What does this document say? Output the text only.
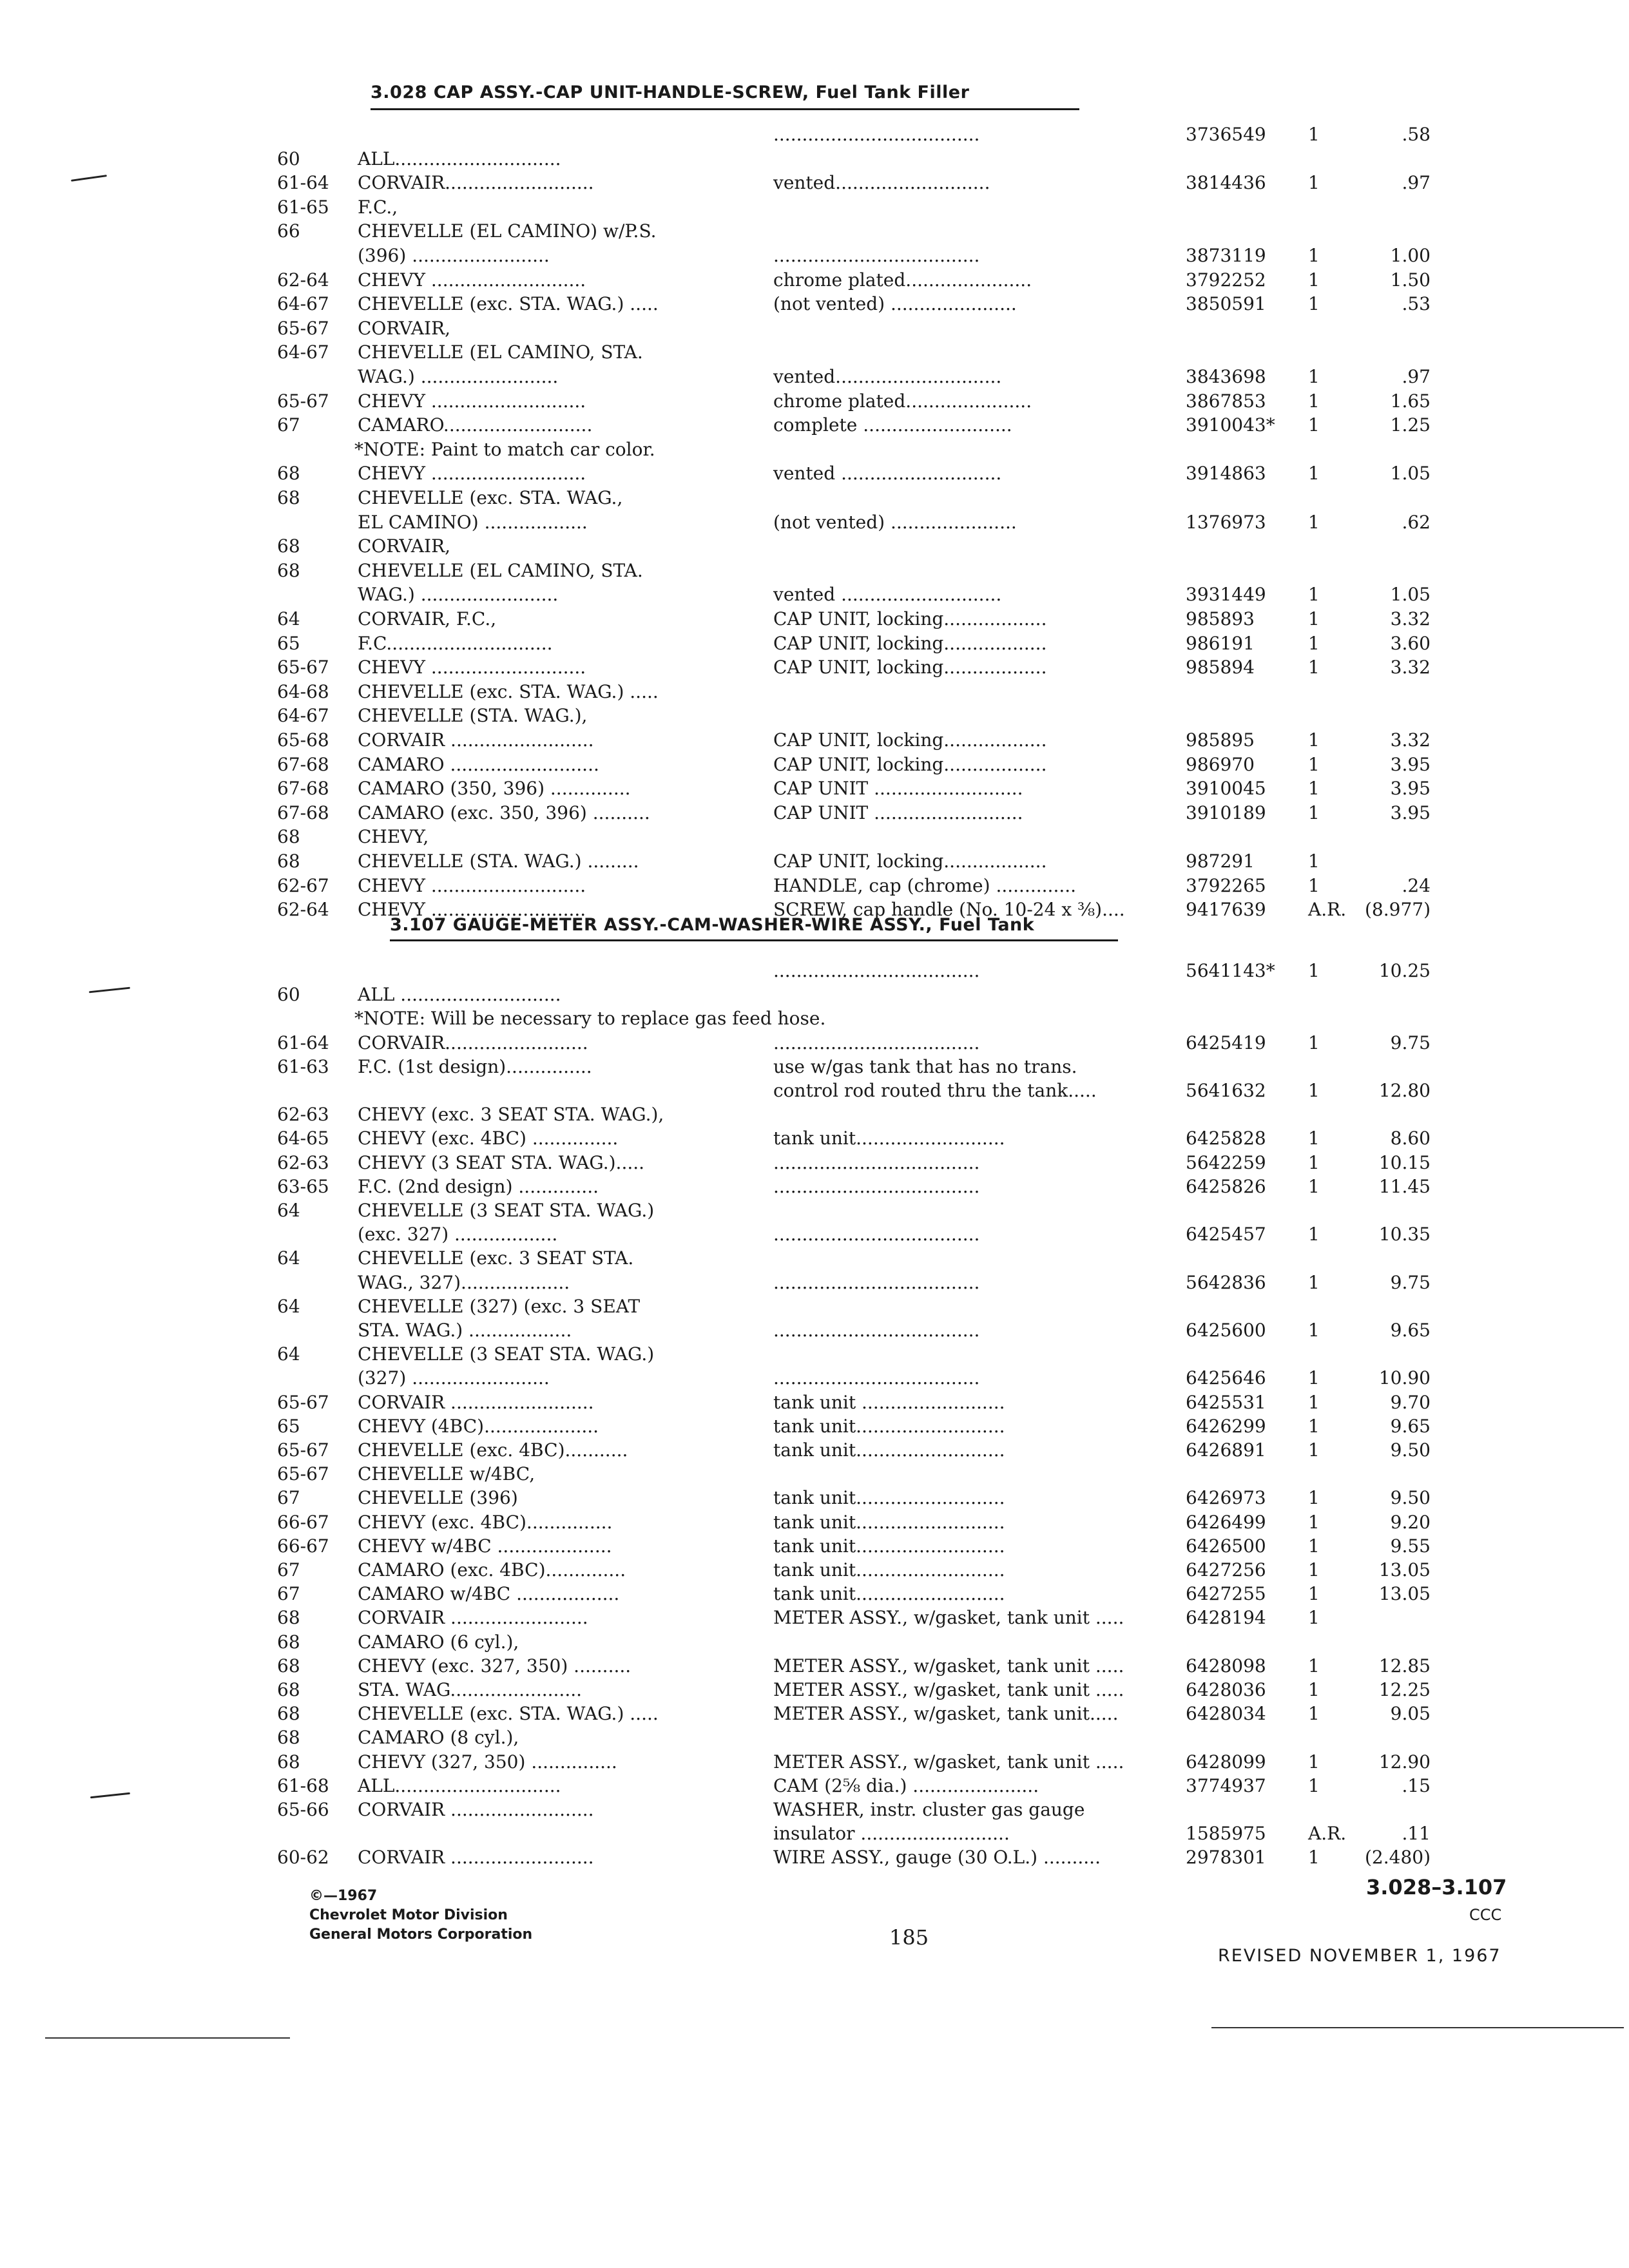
3.028 CAP ASSY.-CAP UNIT-HANDLE-SCREW, Fuel Tank Filler
....................................	3736549 1	.58
60	ALL.............................
61-64 CORVAIR..........................	vented...........................	3814436 1	.97
61-65 F.C.,
66	CHEVELLE (EL CAMINO) w/P.S.
(396) ........................	....................................	3873119 1	1.00
62-64 CHEVY ...........................	chrome plated......................	3792252 1	1.50
64-67 CHEVELLE (exc. STA. WAG.) .....	(not vented) ......................	3850591 1	.53
65-67 CORVAIR,
64-67 CHEVELLE (EL CAMINO, STA.
WAG.) ........................	vented.............................	3843698 1	.97
65-67 CHEVY ...........................	chrome plated......................	3867853 1	1.65
67	CAMARO..........................	complete ..........................	3910043* 1	1.25
*NOTE: Paint to match car color.
68	CHEVY ...........................	vented ............................	3914863 1	1.05
68	CHEVELLE (exc. STA. WAG.,
EL CAMINO) ..................	(not vented) ......................	1376973 1	.62
68	CORVAIR,
68	CHEVELLE (EL CAMINO, STA.
WAG.) ........................	vented ............................	3931449 1	1.05
64	CORVAIR, F.C.,	CAP UNIT, locking..................	985893	1	3.32
65	F.C.............................	CAP UNIT, locking..................	986191	1	3.60
65-67 CHEVY ...........................	CAP UNIT, locking..................	985894	1	3.32
64-68 CHEVELLE (exc. STA. WAG.) .....
64-67 CHEVELLE (STA. WAG.),
65-68 CORVAIR .........................	CAP UNIT, locking..................	985895	1	3.32
67-68 CAMARO ..........................	CAP UNIT, locking..................	986970	1	3.95
67-68 CAMARO (350, 396) ..............	CAP UNIT ..........................	3910045 1	3.95
67-68 CAMARO (exc. 350, 396) ..........	CAP UNIT ..........................	3910189 1	3.95
68	CHEVY,
68	CHEVELLE (STA. WAG.) .........	CAP UNIT, locking..................	987291	1
62-67 CHEVY ...........................	HANDLE, cap (chrome) ..............	3792265 1	.24
62-64 CHEVY ...........................	SCREW, cap handle (No. 10-24 x ⅜)....	9417639 A.R.	(8.977)
3.107 GAUGE-METER ASSY.-CAM-WASHER-WIRE ASSY., Fuel Tank
....................................	5641143* 1	10.25
60	ALL ............................
*NOTE: Will be necessary to replace gas feed hose.
61-64 CORVAIR.........................	....................................	6425419 1	9.75
61-63 F.C. (1st design)...............	use w/gas tank that has no trans.
control rod routed thru the tank.....	5641632 1	12.80
62-63 CHEVY (exc. 3 SEAT STA. WAG.),
64-65 CHEVY (exc. 4BC) ...............	tank unit..........................	6425828 1	8.60
62-63 CHEVY (3 SEAT STA. WAG.).....	....................................	5642259 1	10.15
63-65 F.C. (2nd design) ..............	....................................	6425826 1	11.45
64	CHEVELLE (3 SEAT STA. WAG.)
(exc. 327) ..................	....................................	6425457 1	10.35
64	CHEVELLE (exc. 3 SEAT STA.
WAG., 327)...................	....................................	5642836 1	9.75
64	CHEVELLE (327) (exc. 3 SEAT
STA. WAG.) ..................	....................................	6425600 1	9.65
64	CHEVELLE (3 SEAT STA. WAG.)
(327) ........................	....................................	6425646 1	10.90
65-67 CORVAIR .........................	tank unit .........................	6425531 1	9.70
65	CHEVY (4BC)....................	tank unit..........................	6426299 1	9.65
65-67 CHEVELLE (exc. 4BC)...........	tank unit..........................	6426891 1	9.50
65-67 CHEVELLE w/4BC,
67	CHEVELLE (396)	tank unit..........................	6426973 1	9.50
66-67 CHEVY (exc. 4BC)...............	tank unit..........................	6426499 1	9.20
66-67 CHEVY w/4BC ....................	tank unit..........................	6426500 1	9.55
67	CAMARO (exc. 4BC)..............	tank unit..........................	6427256 1	13.05
67	CAMARO w/4BC ..................	tank unit..........................	6427255 1	13.05
68	CORVAIR ........................	METER ASSY., w/gasket, tank unit .....	6428194 1
68	CAMARO (6 cyl.),
68	CHEVY (exc. 327, 350) ..........	METER ASSY., w/gasket, tank unit .....	6428098 1	12.85
68	STA. WAG.......................	METER ASSY., w/gasket, tank unit .....	6428036 1	12.25
68	CHEVELLE (exc. STA. WAG.) .....	METER ASSY., w/gasket, tank unit.....	6428034 1	9.05
68	CAMARO (8 cyl.),
68	CHEVY (327, 350) ...............	METER ASSY., w/gasket, tank unit .....	6428099 1	12.90
61-68 ALL.............................	CAM (2⅝ dia.) ......................	3774937 1	.15
65-66 CORVAIR .........................	WASHER, instr. cluster gas gauge
insulator ..........................	1585975 A.R.	.11
60-62 CORVAIR .........................	WIRE ASSY., gauge (30 O.L.) ..........	2978301 1	(2.480)
©—1967
Chevrolet Motor Division
General Motors Corporation	185
3.028–3.107
CCC
REVISED NOVEMBER 1, 1967
